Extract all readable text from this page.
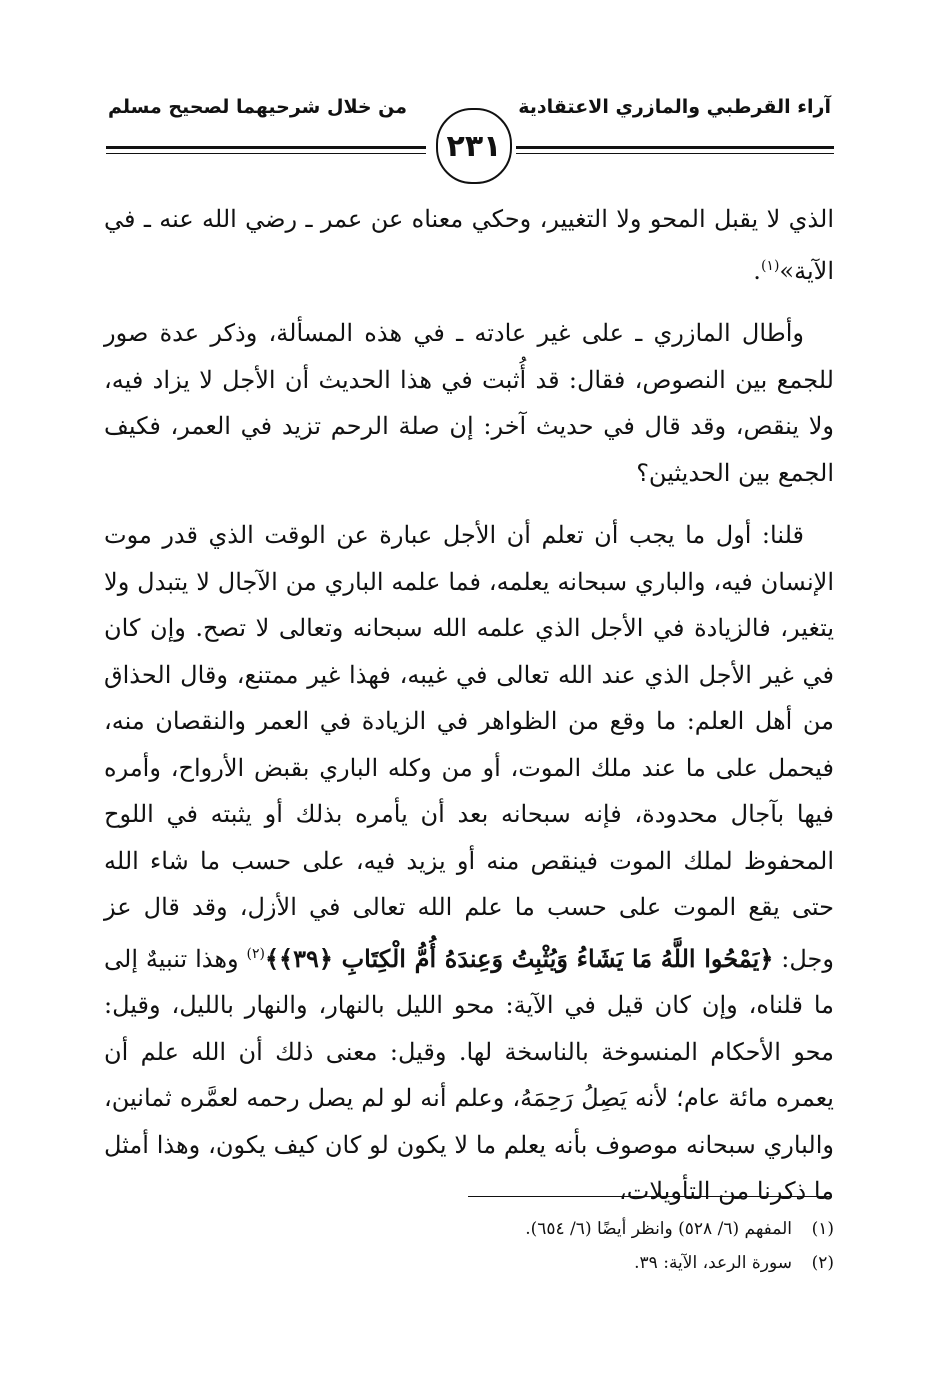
آراء القرطبي والمازري الاعتقادية
من خلال شرحيهما لصحيح مسلم
٢٣١

الذي لا يقبل المحو ولا التغيير، وحكي معناه عن عمر ـ رضي الله عنه ـ في الآية»$^{(١)}$.

وأطال المازري ـ على غير عادته ـ في هذه المسألة، وذكر عدة صور للجمع بين النصوص، فقال: قد أُثبت في هذا الحديث أن الأجل لا يزاد فيه، ولا ينقص، وقد قال في حديث آخر: إن صلة الرحم تزيد في العمر، فكيف الجمع بين الحديثين؟

قلنا: أول ما يجب أن تعلم أن الأجل عبارة عن الوقت الذي قدر موت الإنسان فيه، والباري سبحانه يعلمه، فما علمه الباري من الآجال لا يتبدل ولا يتغير، فالزيادة في الأجل الذي علمه الله سبحانه وتعالى لا تصح. وإن كان في غير الأجل الذي عند الله تعالى في غيبه، فهذا غير ممتنع، وقال الحذاق من أهل العلم: ما وقع من الظواهر في الزيادة في العمر والنقصان منه، فيحمل على ما عند ملك الموت، أو من وكله الباري بقبض الأرواح، وأمره فيها بآجال محدودة، فإنه سبحانه بعد أن يأمره بذلك أو يثبته في اللوح المحفوظ لملك الموت فينقص منه أو يزيد فيه، على حسب ما شاء الله حتى يقع الموت على حسب ما علم الله تعالى في الأزل، وقد قال عز وجل: ﴿يَمْحُوا اللَّهُ مَا يَشَاءُ وَيُثْبِتُ وَعِندَهُ أُمُّ الْكِتَابِ ﴿٣٩﴾﴾$^{(٢)}$ وهذا تنبيهٌ إلى ما قلناه، وإن كان قيل في الآية: محو الليل بالنهار، والنهار بالليل، وقيل: محو الأحكام المنسوخة بالناسخة لها. وقيل: معنى ذلك أن الله علم أن يعمره مائة عام؛ لأنه يَصِلُ رَحِمَهُ، وعلم أنه لو لم يصل رحمه لعمَّره ثمانين، والباري سبحانه موصوف بأنه يعلم ما لا يكون لو كان كيف يكون، وهذا أمثل ما ذكرنا من التأويلات،

(١)
المفهم (٦/ ٥٢٨) وانظر أيضًا (٦/ ٦٥٤).
(٢)
سورة الرعد، الآية: ٣٩.
